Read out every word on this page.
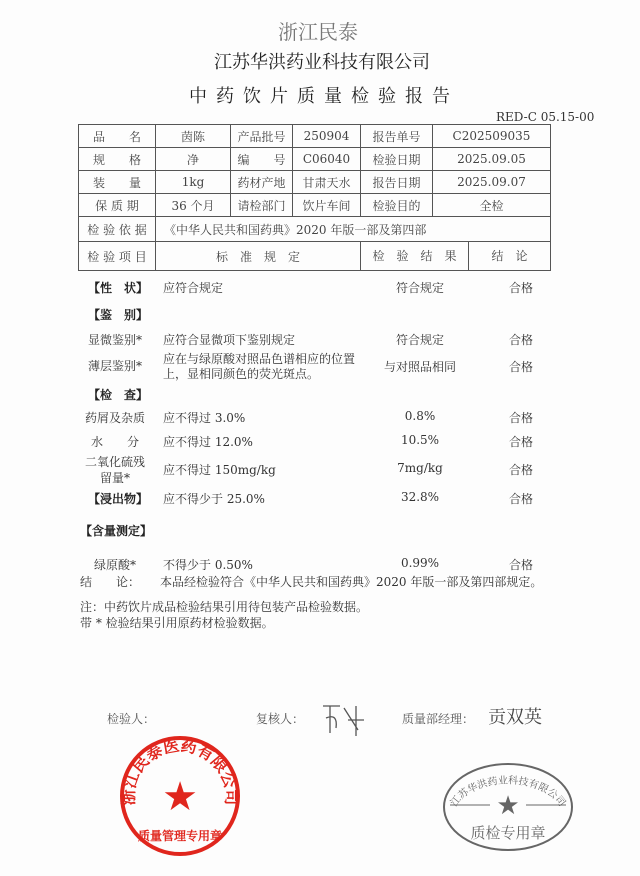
浙江民泰
江苏华洪药业科技有限公司
中药饮片质量检验报告
RED-C 05.15-00
品　　名	茵陈	产品批号	250904	报告单号	C202509035
规　　格	净	编　　号	C06040	检验日期	2025.09.05
装　　量	1kg	药材产地	甘肃天水	报告日期	2025.09.07
保 质 期	36 个月	请检部门	饮片车间	检验目的	全检
检 验 依 据	《中华人民共和国药典》2020 年版一部及第四部				
检 验 项 目	标　准　规　定			检　验　结　果 结　论	
【性　状】 应符合规定	符合规定	合格
【鉴　别】
显微鉴别* 应符合显微项下鉴别规定	符合规定	合格
薄层鉴别* 应在与绿原酸对照品色谱相应的位置
上，显相同颜色的荧光斑点。	与对照品相同	合格
【检　查】
药屑及杂质 应不得过 3.0%	0.8%	合格
水　　分 应不得过 12.0%	10.5%	合格
二氧化硫残
留量*
应不得过 150mg/kg	7mg/kg	合格
【浸出物】 应不得少于 25.0%	32.8%	合格
【含量测定】
绿原酸* 不得少于 0.50%	0.99%	合格
结　　论： 本品经检验符合《中华人民共和国药典》2020 年版一部及第四部规定。
注：中药饮片成品检验结果引用待包装产品检验数据。
带 * 检验结果引用原药材检验数据。
检验人：	复核人：	质量部经理： 贡双英
★
质检专用章
江苏华洪药业科技有限公司
★
质量管理专用章
浙江民泰医药有限公司
